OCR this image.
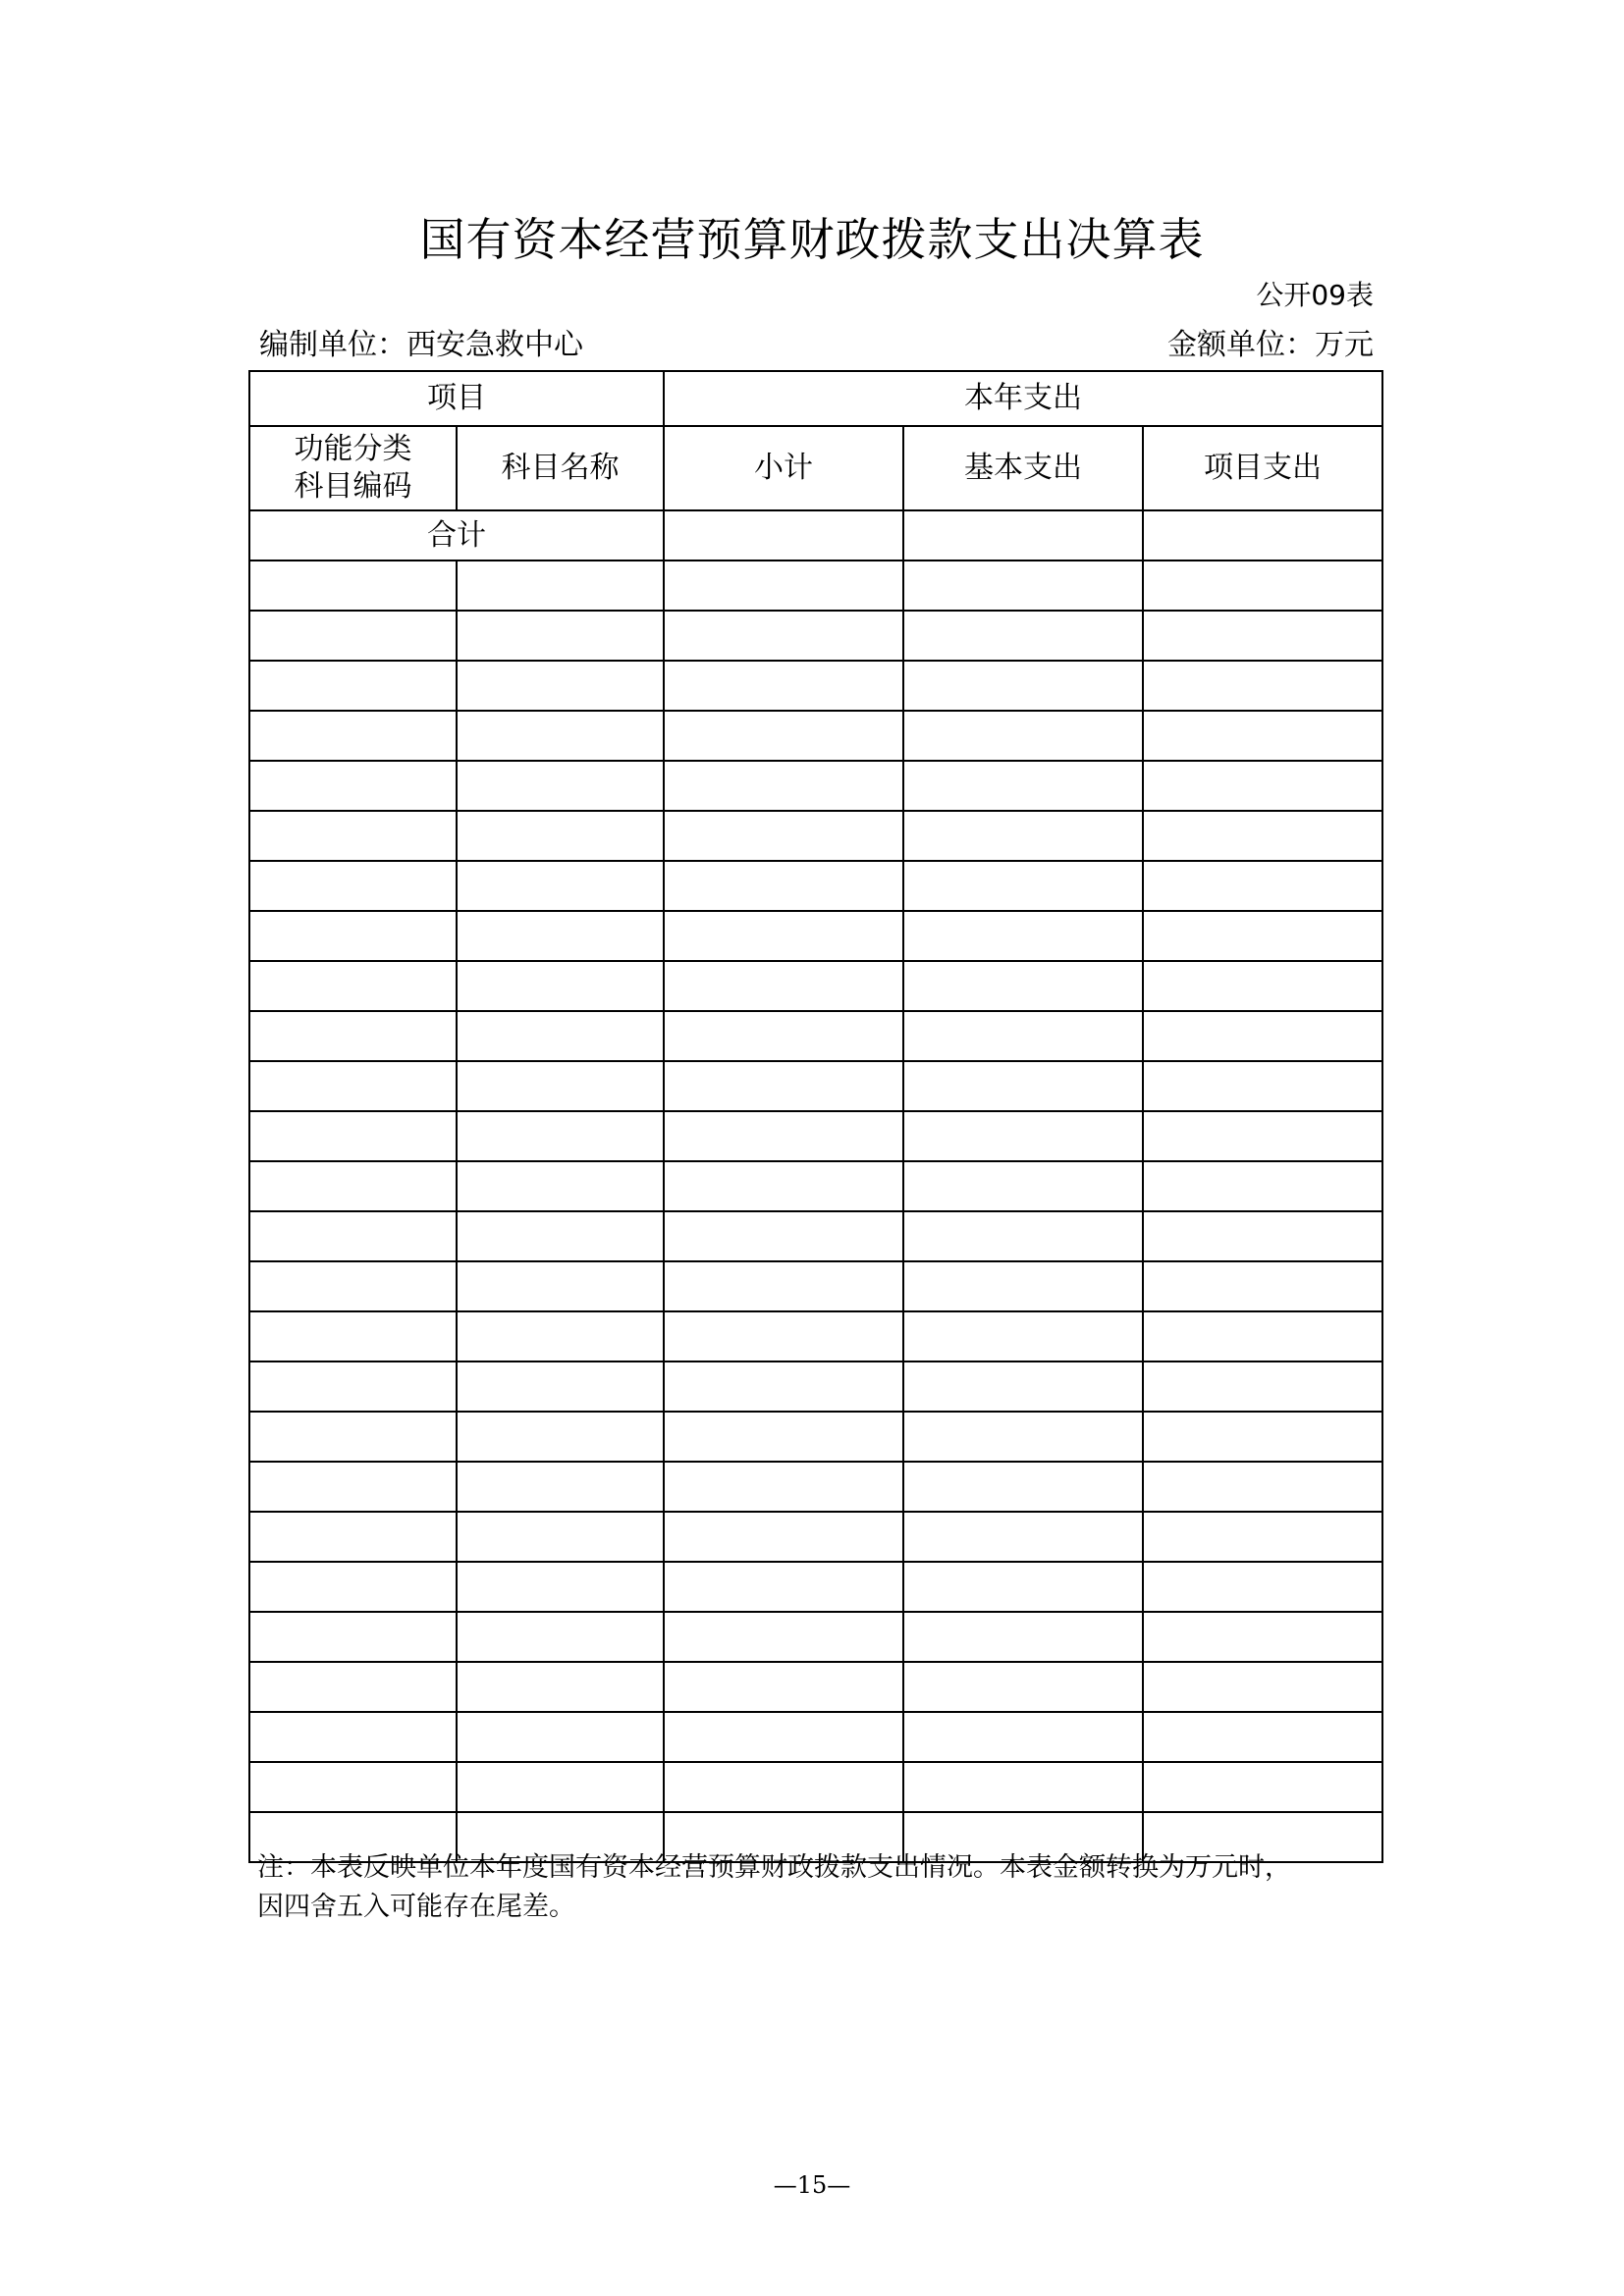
国有资本经营预算财政拨款支出决算表
公开09表
编制单位：西安急救中心	金额单位：万元
项目		本年支出		

功能分类
科目编码	科目名称	小计	基本支出	项目支出
合计				

注：本表反映单位本年度国有资本经营预算财政拨款支出情况。本表金额转换为万元时，
因四舍五入可能存在尾差。
—15—
